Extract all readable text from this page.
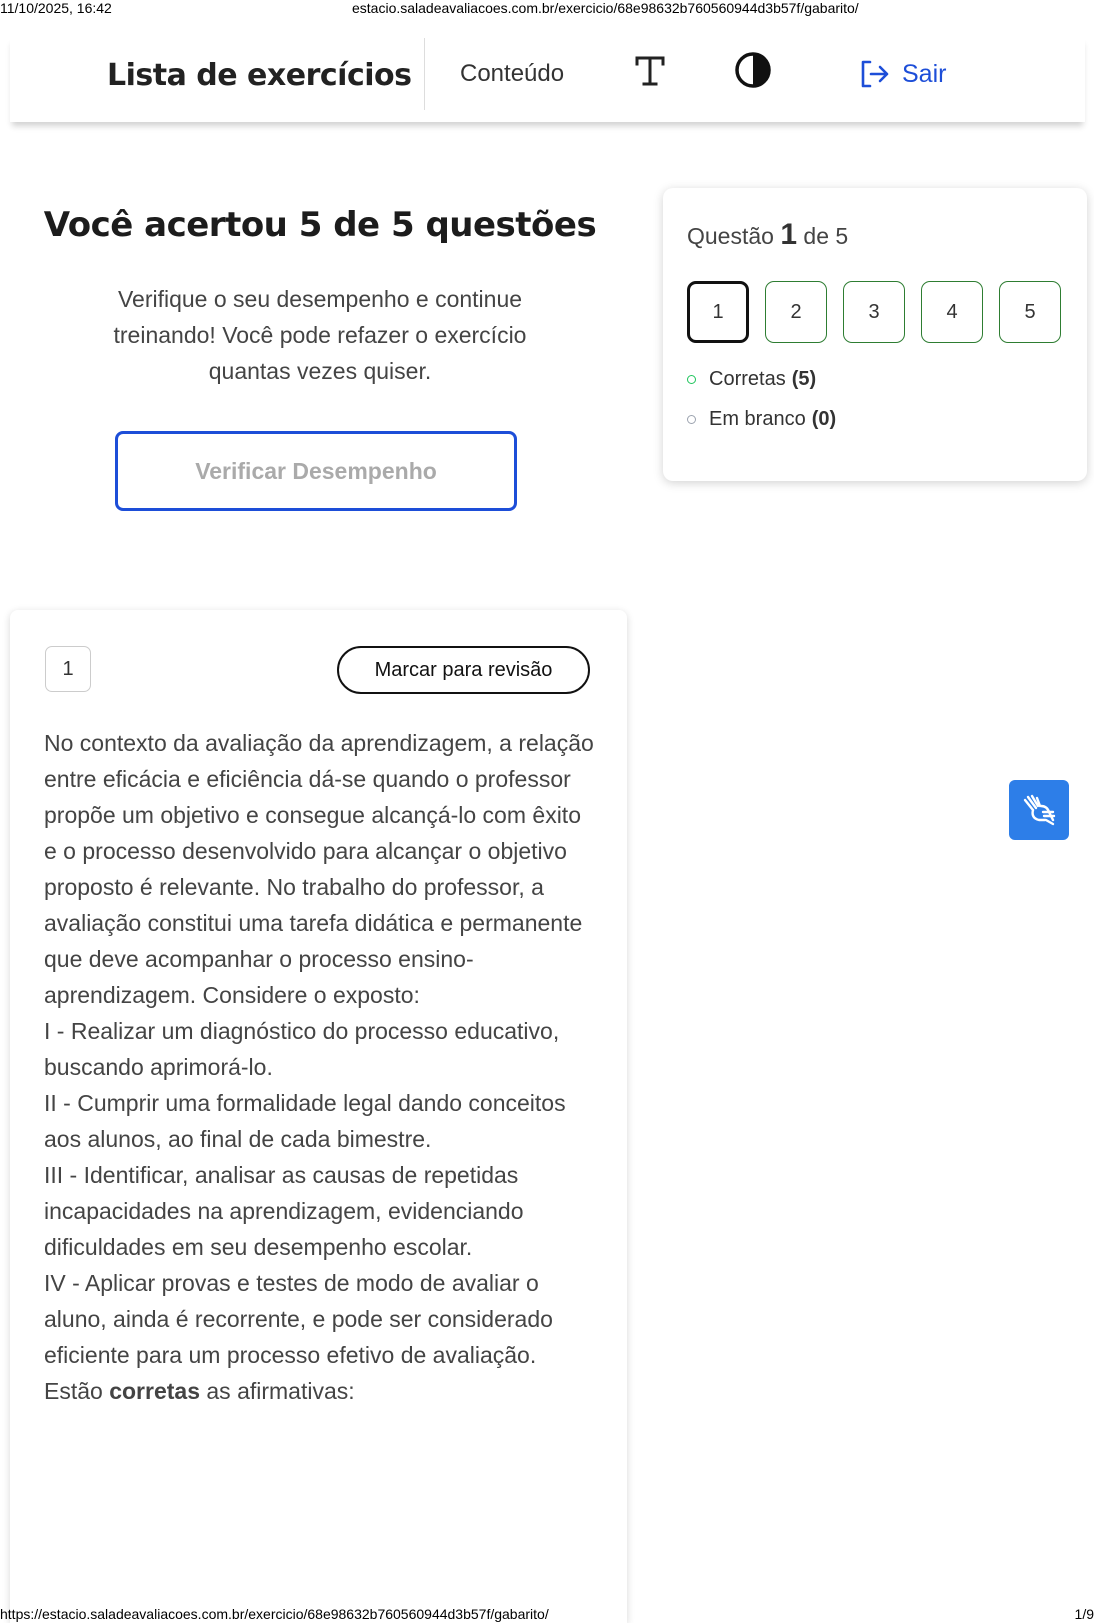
11/10/2025, 16:42	estacio.saladeavaliacoes.com.br/exercicio/68e98632b760560944d3b57f/gabarito/
Lista de exercícios Conteúdo	Sair
Você acertou 5 de 5 questões

Verifique o seu desempenho e continue treinando! Você pode refazer o exercício quantas vezes quiser.

Verificar Desempenho
Questão 1 de 5
1	2	3	4	5
Corretas (5)
Em branco (0)
1	Marcar para revisão

No contexto da avaliação da aprendizagem, a relação entre eficácia e eficiência dá-se quando o professor propõe um objetivo e consegue alcançá-lo com êxito e o processo desenvolvido para alcançar o objetivo proposto é relevante. No trabalho do professor, a avaliação constitui uma tarefa didática e permanente que deve acompanhar o processo ensino-aprendizagem. Considere o exposto:

I - Realizar um diagnóstico do processo educativo, buscando aprimorá-lo.

II - Cumprir uma formalidade legal dando conceitos aos alunos, ao final de cada bimestre.

III - Identificar, analisar as causas de repetidas incapacidades na aprendizagem, evidenciando dificuldades em seu desempenho escolar.

IV - Aplicar provas e testes de modo de avaliar o aluno, ainda é recorrente, e pode ser considerado eficiente para um processo efetivo de avaliação.

Estão corretas as afirmativas:

https://estacio.saladeavaliacoes.com.br/exercicio/68e98632b760560944d3b57f/gabarito/	1/9
